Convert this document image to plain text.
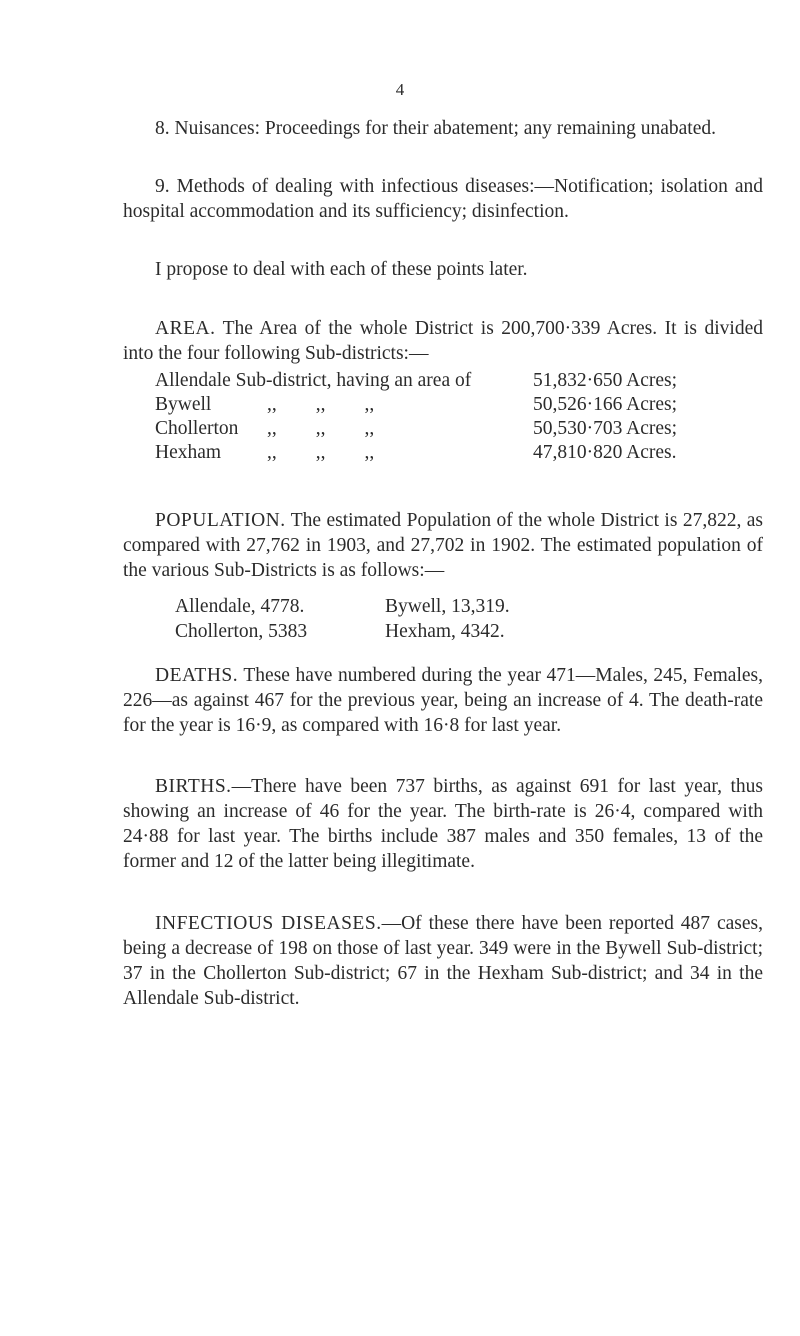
4

8. Nuisances: Proceedings for their abatement; any remaining unabated.

9. Methods of dealing with infectious diseases:—Notification; isolation and hospital accommodation and its sufficiency; disinfection.

I propose to deal with each of these points later.

AREA. The Area of the whole District is 200,700·339 Acres. It is divided into the four following Sub-districts:—

Allendale Sub-district, having an area of		51,832·650 Acres;
Bywell	,,        ,,        ,,	50,526·166 Acres;
Chollerton	,,        ,,        ,,	50,530·703 Acres;
Hexham	,,        ,,        ,,	47,810·820 Acres.

POPULATION. The estimated Population of the whole District is 27,822, as compared with 27,762 in 1903, and 27,702 in 1902. The estimated population of the various Sub-Districts is as follows:—

Allendale, 4778.	Bywell, 13,319.
Chollerton, 5383	Hexham, 4342.

DEATHS. These have numbered during the year 471—Males, 245, Females, 226—as against 467 for the previous year, being an increase of 4. The death-rate for the year is 16·9, as compared with 16·8 for last year.

BIRTHS.—There have been 737 births, as against 691 for last year, thus showing an increase of 46 for the year. The birth-rate is 26·4, compared with 24·88 for last year. The births include 387 males and 350 females, 13 of the former and 12 of the latter being illegitimate.

INFECTIOUS DISEASES.—Of these there have been reported 487 cases, being a decrease of 198 on those of last year. 349 were in the Bywell Sub-district; 37 in the Chollerton Sub-district; 67 in the Hexham Sub-district; and 34 in the Allendale Sub-district.
